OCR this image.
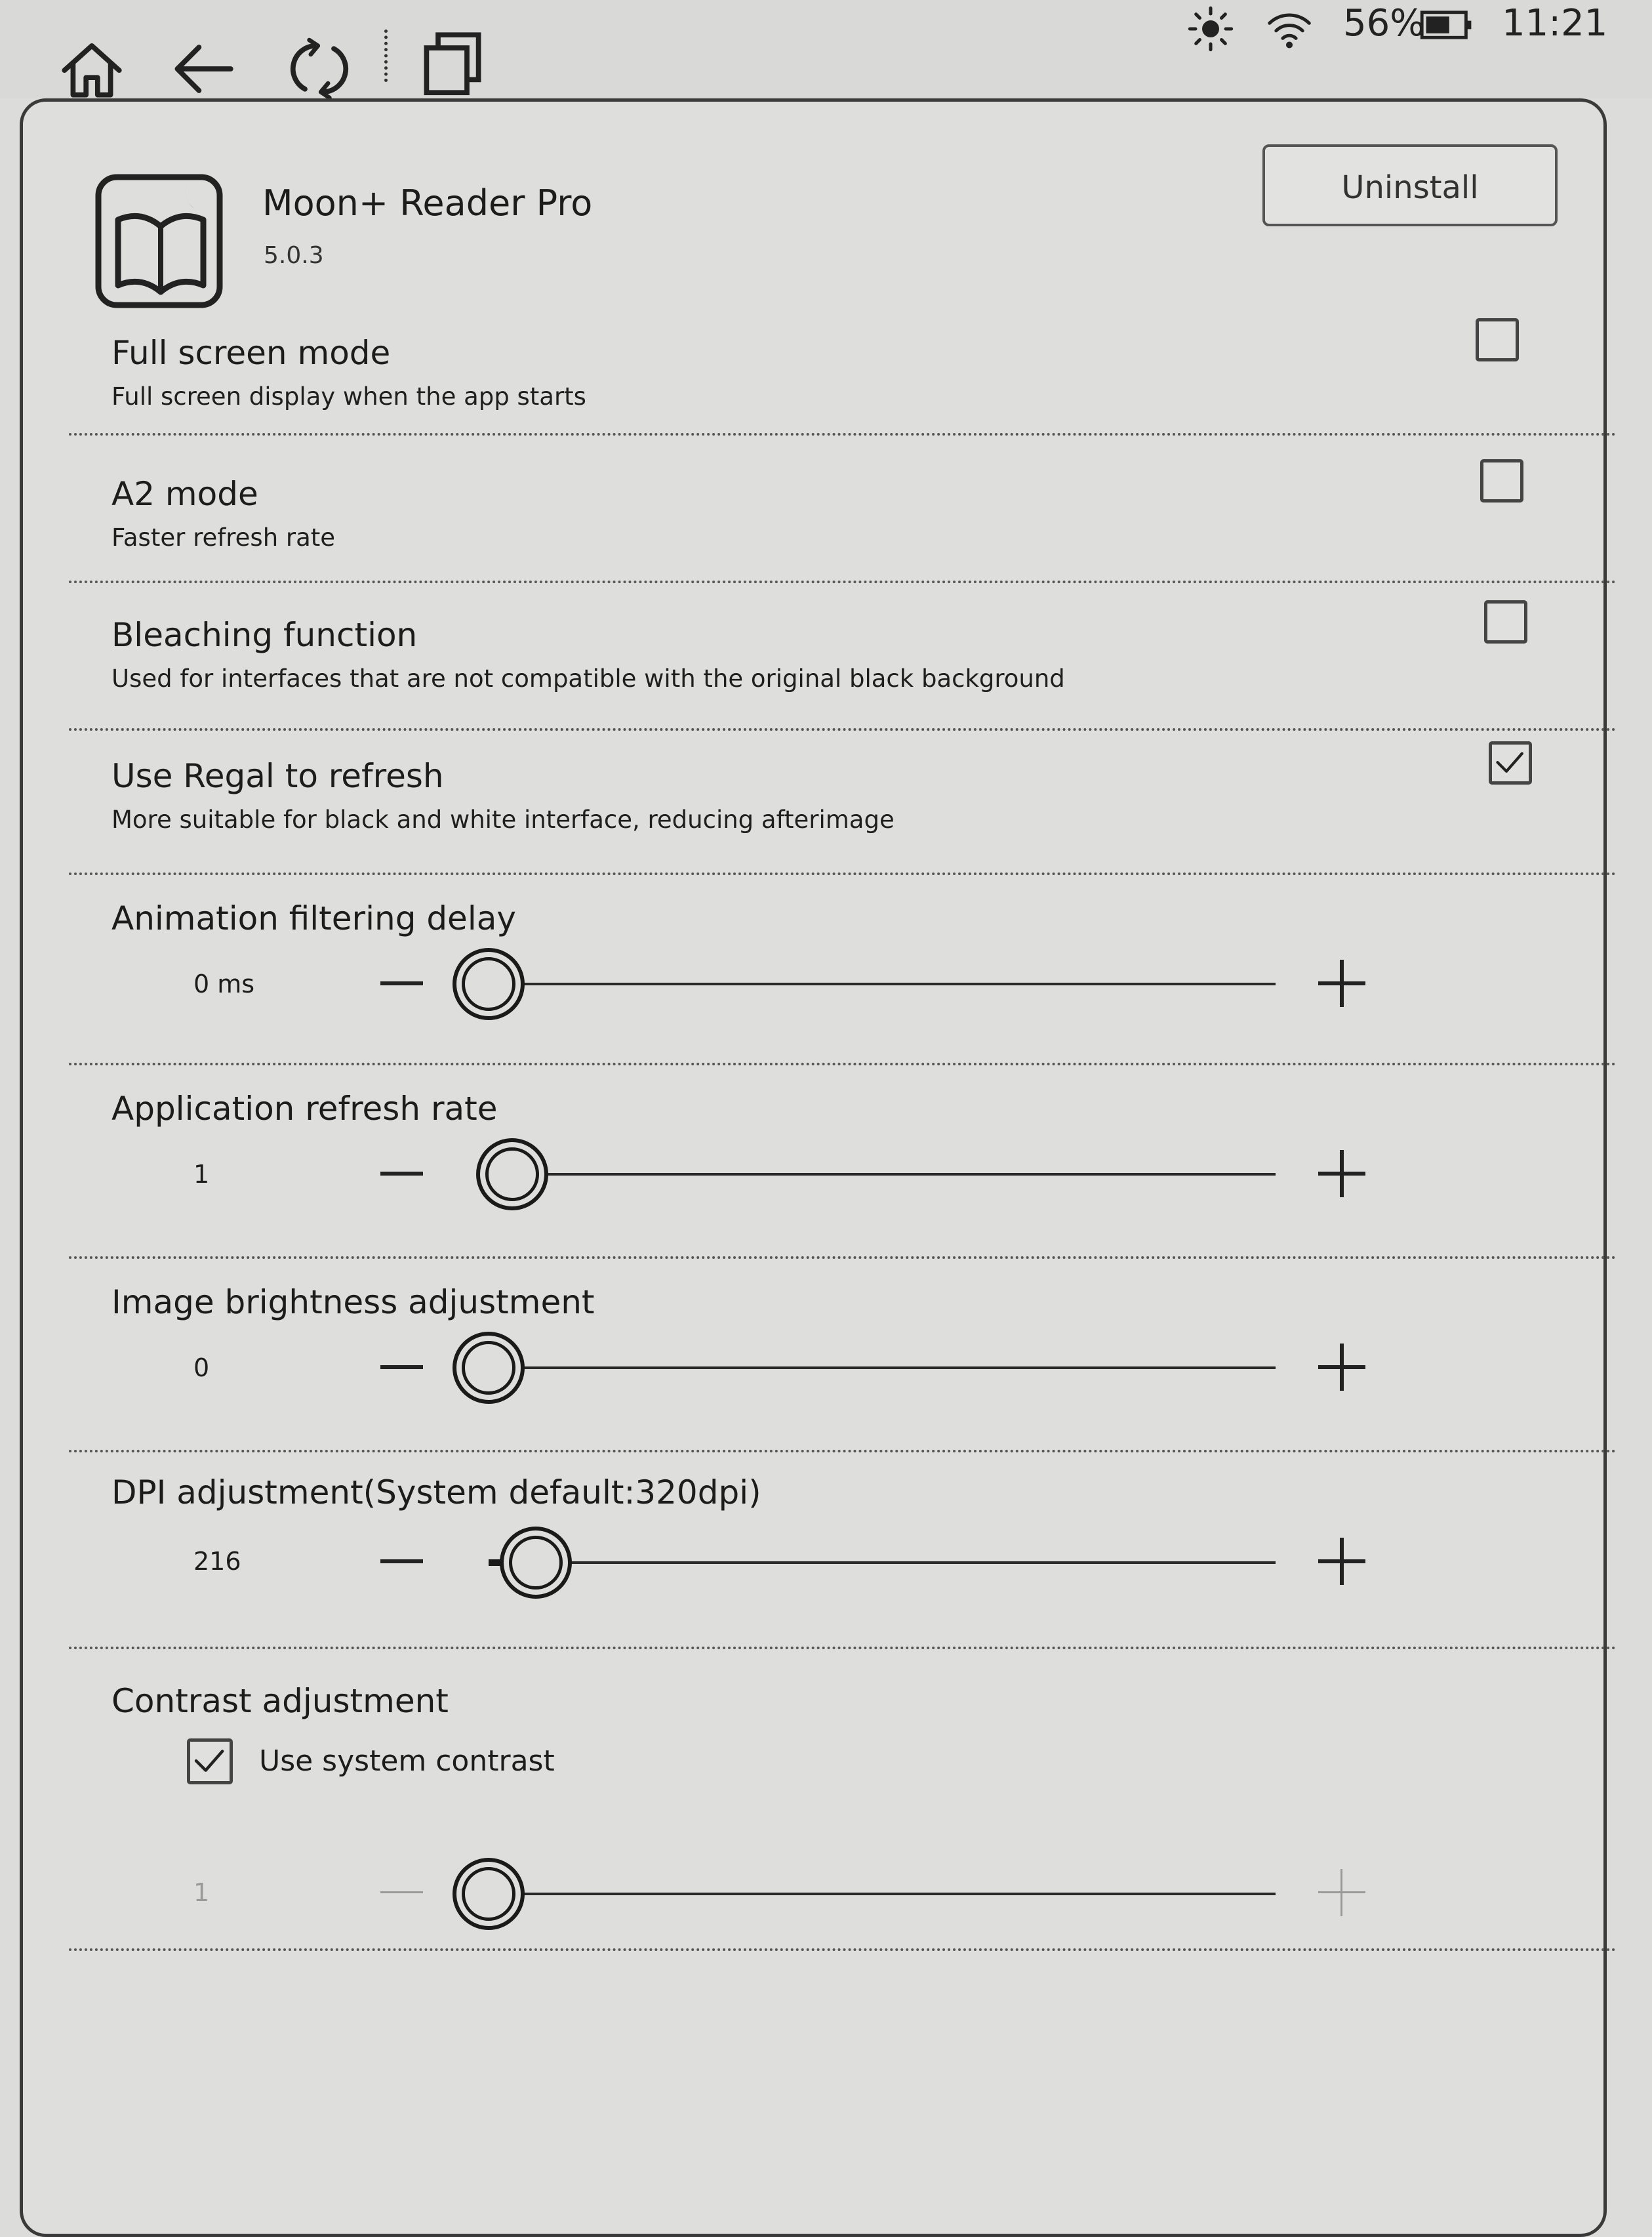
56% 11:21
Moon+ Reader Pro
5.0.3
Uninstall
Full screen mode
Full screen display when the app starts
A2 mode
Faster refresh rate
Bleaching function
Used for interfaces that are not compatible with the original black background
Use Regal to refresh
More suitable for black and white interface, reducing afterimage
Animation filtering delay
0 ms
Application refresh rate
1
Image brightness adjustment
0
DPI adjustment(System default:320dpi)
216
Contrast adjustment
Use system contrast
1
